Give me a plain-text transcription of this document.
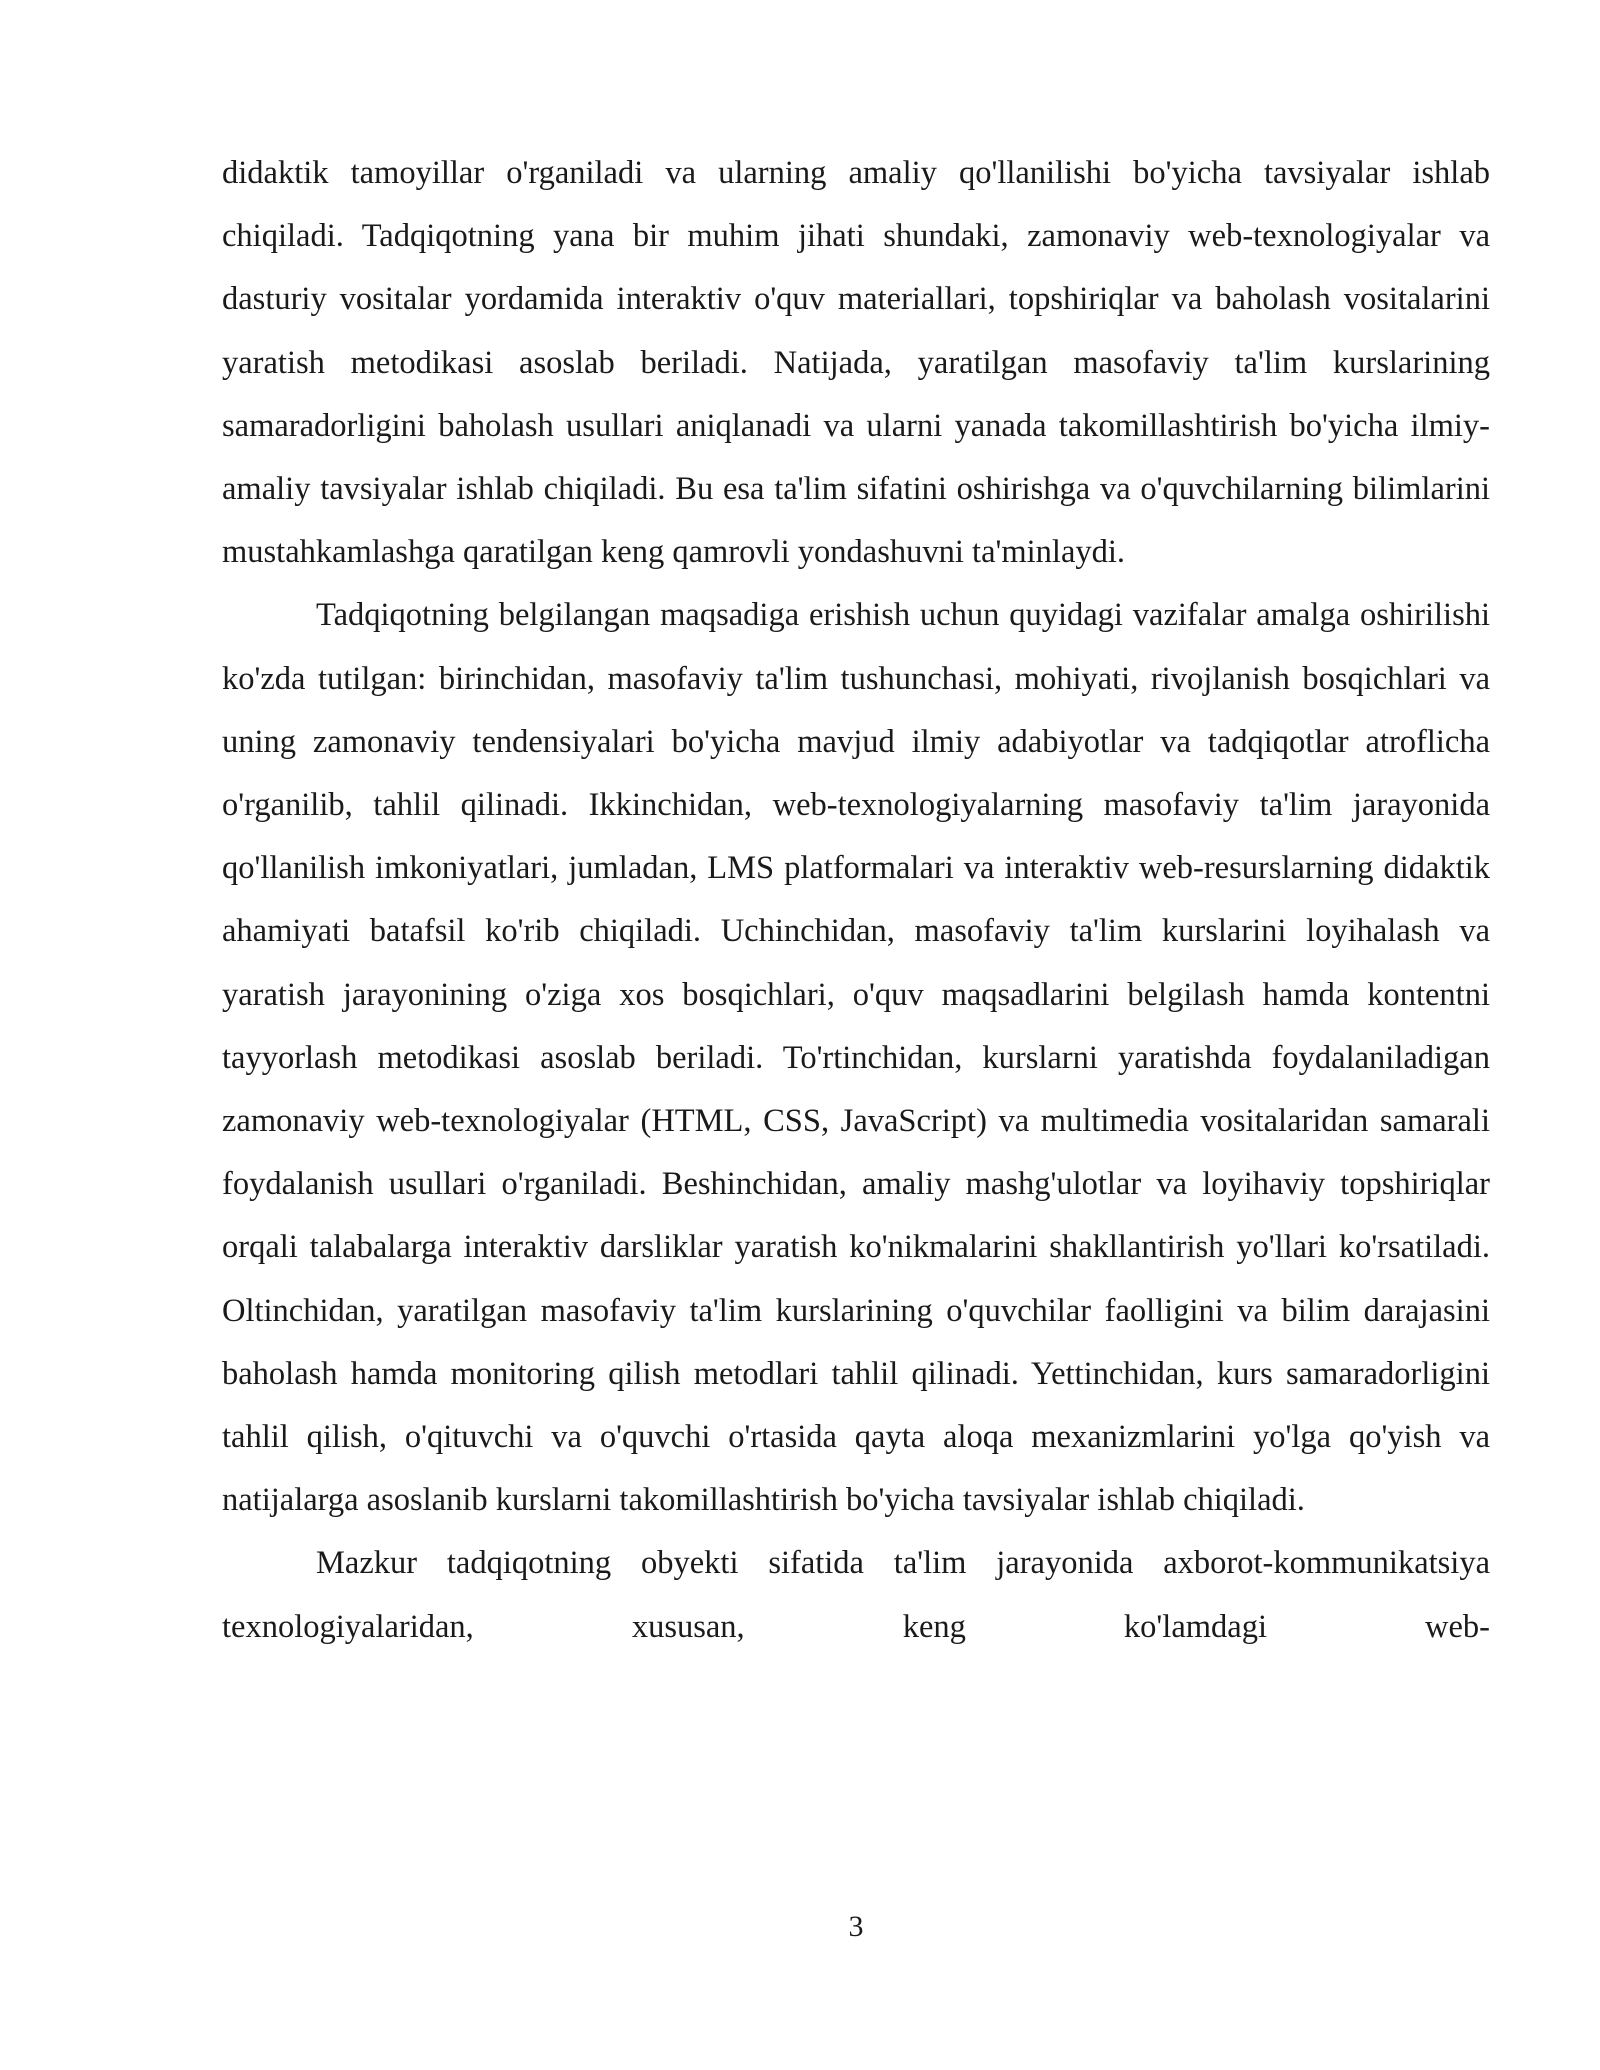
didaktik tamoyillar o'rganiladi va ularning amaliy qo'llanilishi bo'yicha tavsiyalar ishlab chiqiladi. Tadqiqotning yana bir muhim jihati shundaki, zamonaviy web-texnologiyalar va dasturiy vositalar yordamida interaktiv o'quv materiallari, topshiriqlar va baholash vositalarini yaratish metodikasi asoslab beriladi. Natijada, yaratilgan masofaviy ta'lim kurslarining samaradorligini baholash usullari aniqlanadi va ularni yanada takomillashtirish bo'yicha ilmiy-amaliy tavsiyalar ishlab chiqiladi. Bu esa ta'lim sifatini oshirishga va o'quvchilarning bilimlarini mustahkamlashga qaratilgan keng qamrovli yondashuvni ta'minlaydi.

Tadqiqotning belgilangan maqsadiga erishish uchun quyidagi vazifalar amalga oshirilishi ko'zda tutilgan: birinchidan, masofaviy ta'lim tushunchasi, mohiyati, rivojlanish bosqichlari va uning zamonaviy tendensiyalari bo'yicha mavjud ilmiy adabiyotlar va tadqiqotlar atroflicha o'rganilib, tahlil qilinadi. Ikkinchidan, web-texnologiyalarning masofaviy ta'lim jarayonida qo'llanilish imkoniyatlari, jumladan, LMS platformalari va interaktiv web-resurslarning didaktik ahamiyati batafsil ko'rib chiqiladi. Uchinchidan, masofaviy ta'lim kurslarini loyihalash va yaratish jarayonining o'ziga xos bosqichlari, o'quv maqsadlarini belgilash hamda kontentni tayyorlash metodikasi asoslab beriladi. To'rtinchidan, kurslarni yaratishda foydalaniladigan zamonaviy web-texnologiyalar (HTML, CSS, JavaScript) va multimedia vositalaridan samarali foydalanish usullari o'rganiladi. Beshinchidan, amaliy mashg'ulotlar va loyihaviy topshiriqlar orqali talabalarga interaktiv darsliklar yaratish ko'nikmalarini shakllantirish yo'llari ko'rsatiladi. Oltinchidan, yaratilgan masofaviy ta'lim kurslarining o'quvchilar faolligini va bilim darajasini baholash hamda monitoring qilish metodlari tahlil qilinadi. Yettinchidan, kurs samaradorligini tahlil qilish, o'qituvchi va o'quvchi o'rtasida qayta aloqa mexanizmlarini yo'lga qo'yish va natijalarga asoslanib kurslarni takomillashtirish bo'yicha tavsiyalar ishlab chiqiladi.

Mazkur tadqiqotning obyekti sifatida ta'lim jarayonida axborot-kommunikatsiya texnologiyalaridan, xususan, keng ko'lamdagi web-

3
